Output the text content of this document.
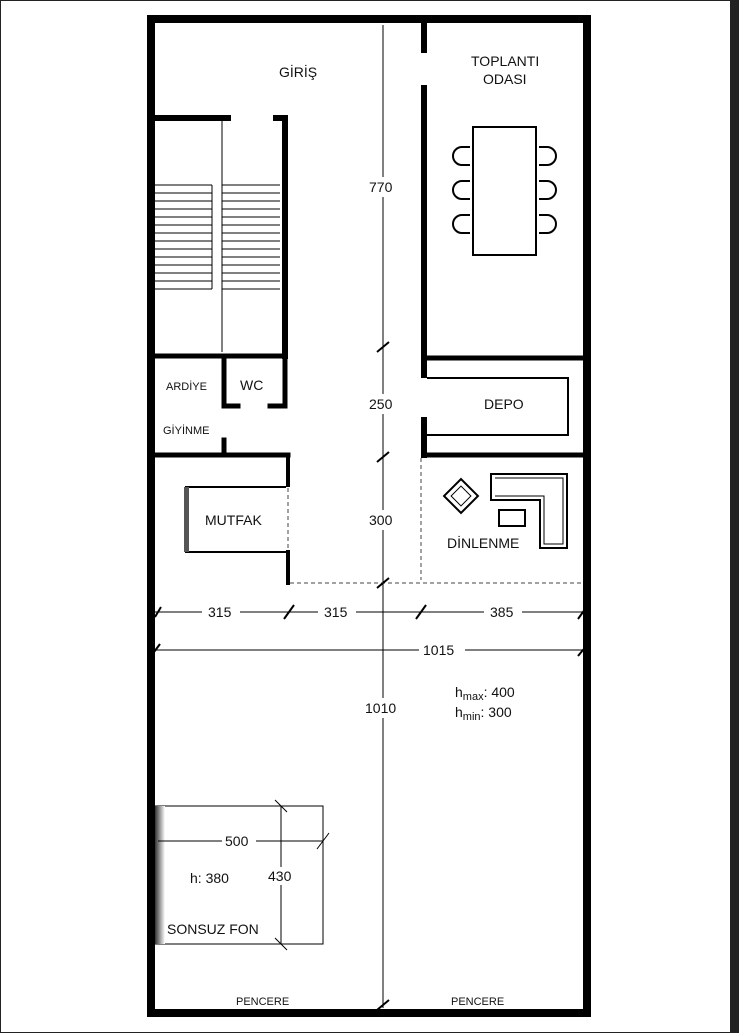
GİRİŞ
TOPLANTI
ODASI
ARDİYE WC
GİYİNME
DEPO
MUTFAK
DİNLENME
SONSUZ FON
770
250
300
315	315	385
1015
1010
500
430
$h_{max}$: 400
$h_{min}$: 300
h: 380
PENCERE	PENCERE
